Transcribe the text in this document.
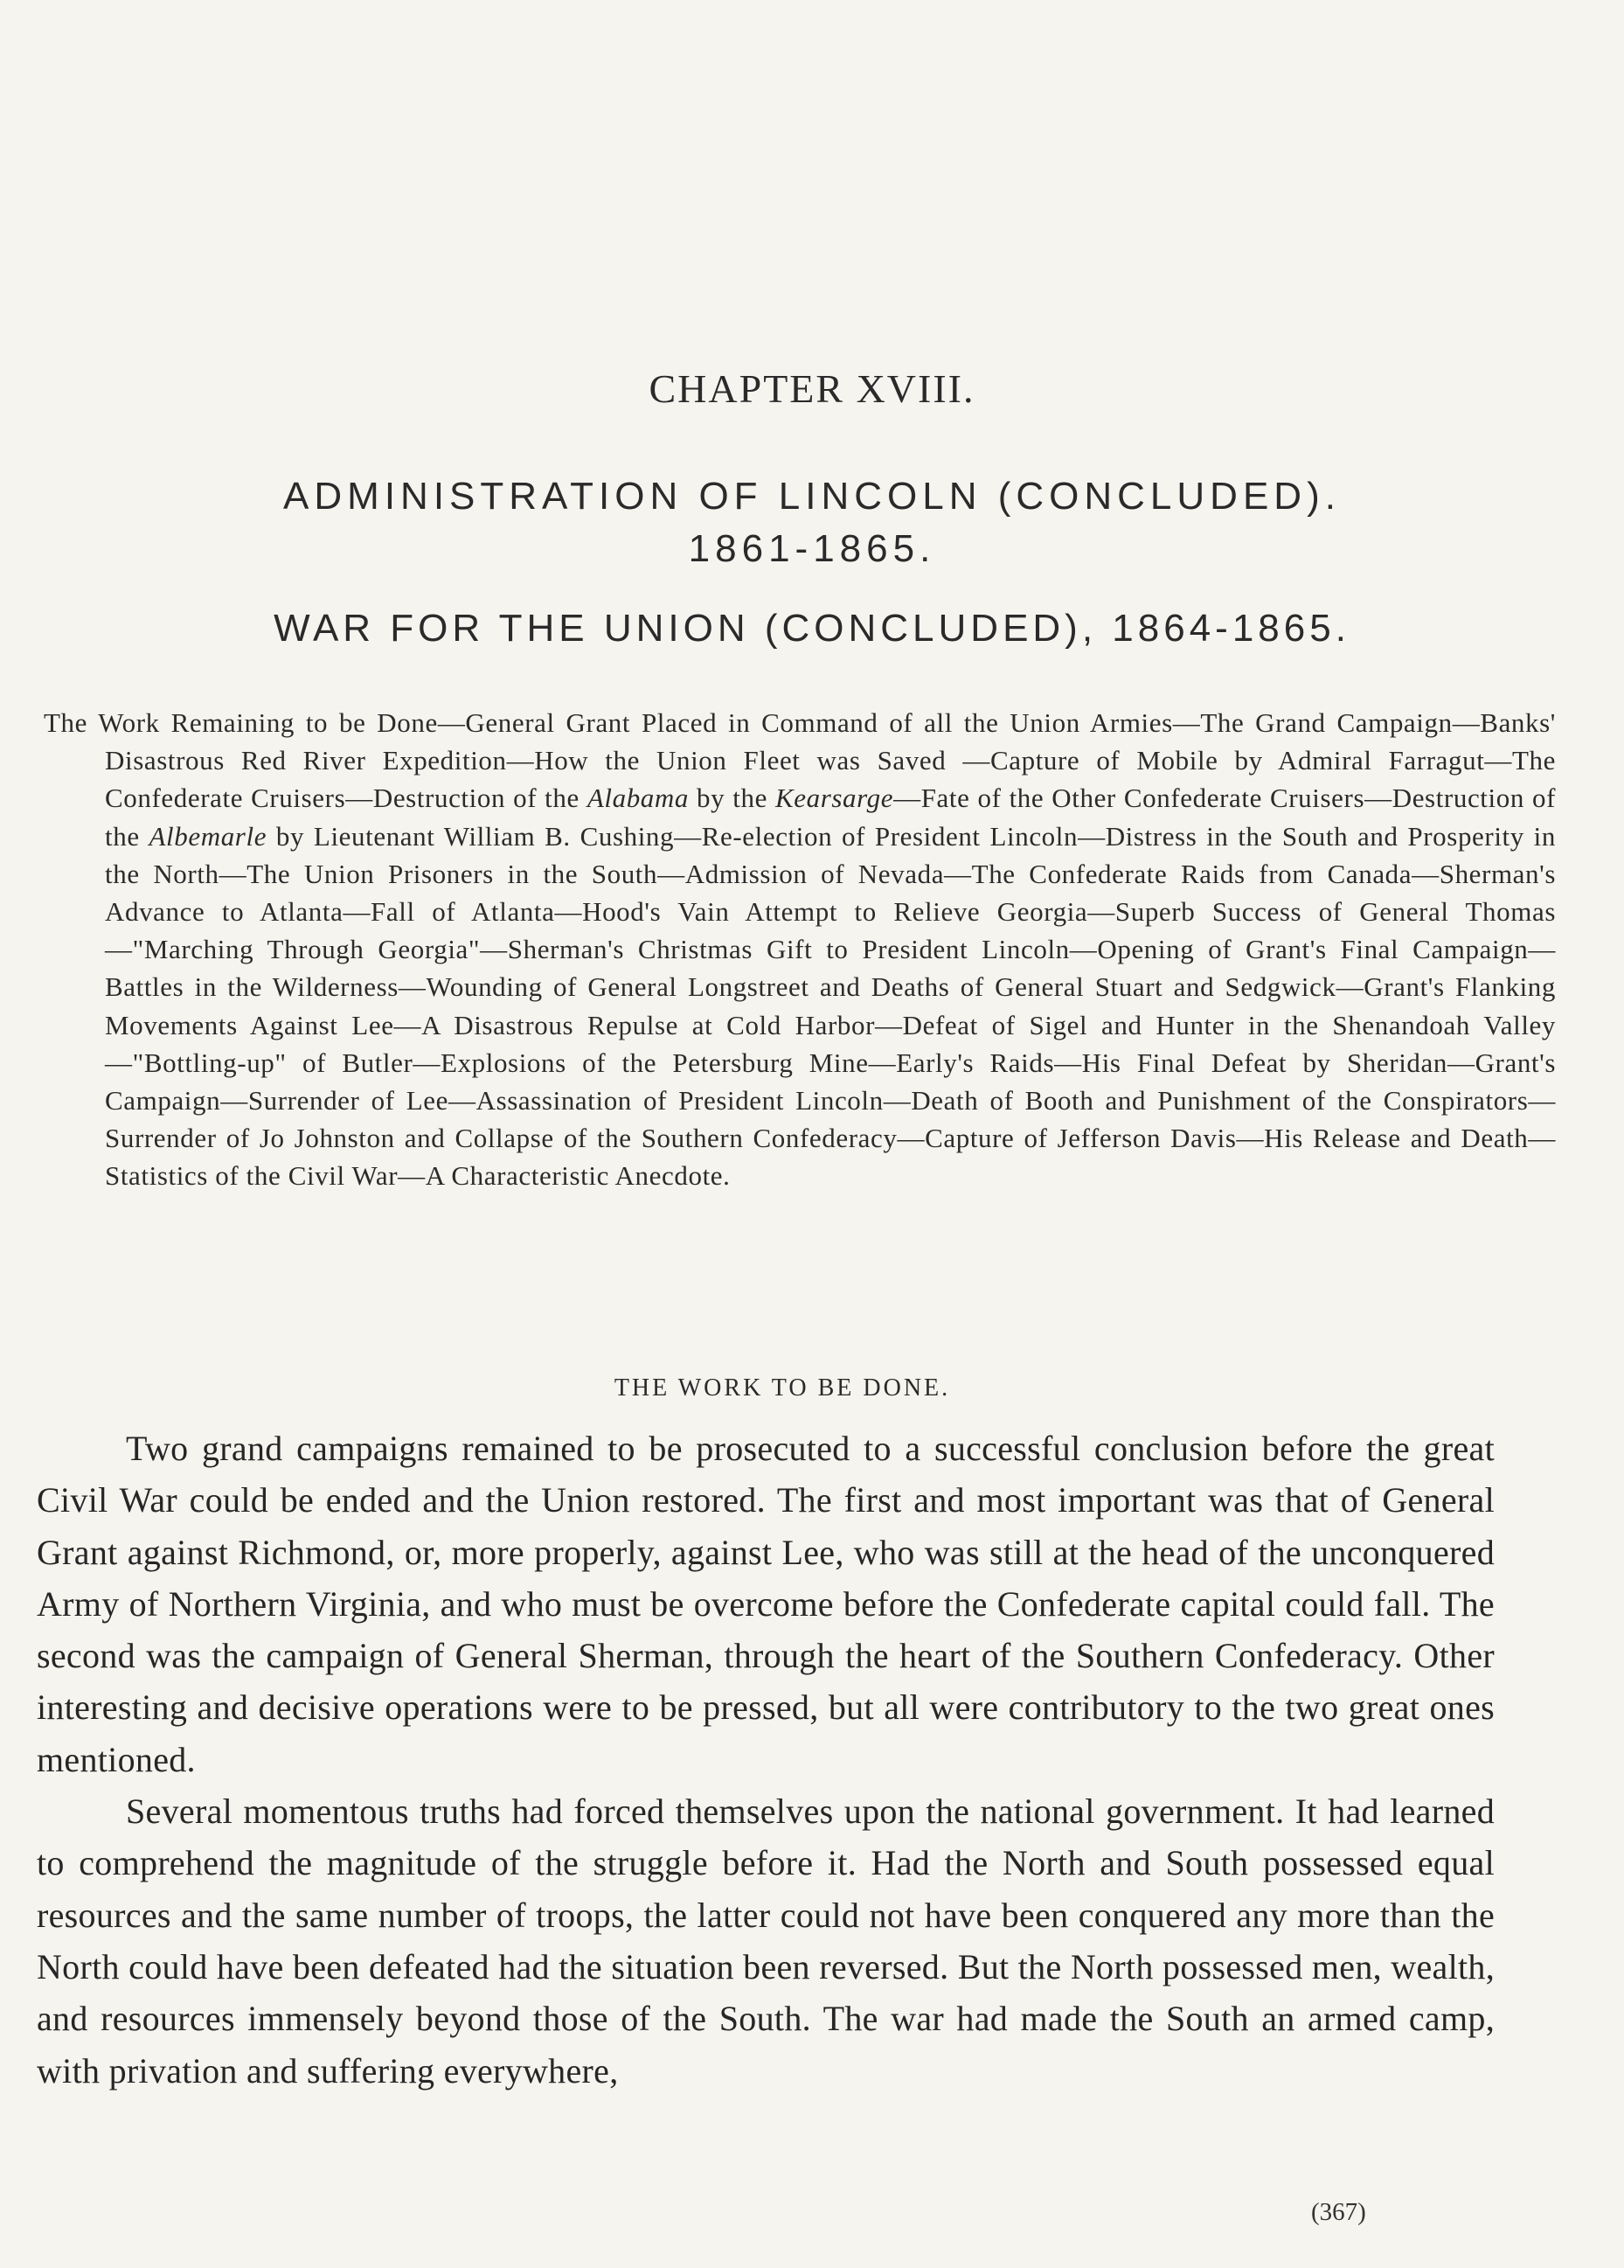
CHAPTER XVIII.
ADMINISTRATION OF LINCOLN (CONCLUDED).
1861-1865.
WAR FOR THE UNION (CONCLUDED), 1864-1865.

The Work Remaining to be Done—General Grant Placed in Command of all the Union Armies—The Grand Campaign—Banks' Disastrous Red River Expedition—How the Union Fleet was Saved —Capture of Mobile by Admiral Farragut—The Confederate Cruisers—Destruction of the Alabama by the Kearsarge—Fate of the Other Confederate Cruisers—Destruction of the Albemarle by Lieutenant William B. Cushing—Re-election of President Lincoln—Distress in the South and Prosperity in the North—The Union Prisoners in the South—Admission of Nevada—The Confederate Raids from Canada—Sherman's Advance to Atlanta—Fall of Atlanta—Hood's Vain Attempt to Relieve Georgia—Superb Success of General Thomas—"Marching Through Georgia"—Sherman's Christmas Gift to President Lincoln—Opening of Grant's Final Campaign—Battles in the Wilderness—Wounding of General Longstreet and Deaths of General Stuart and Sedgwick—Grant's Flanking Movements Against Lee—A Disastrous Repulse at Cold Harbor—Defeat of Sigel and Hunter in the Shenandoah Valley—"Bottling-up" of Butler—Explosions of the Petersburg Mine—Early's Raids—His Final Defeat by Sheridan—Grant's Campaign—Surrender of Lee—Assassination of President Lincoln—Death of Booth and Punishment of the Conspirators—Surrender of Jo Johnston and Collapse of the Southern Confederacy—Capture of Jefferson Davis—His Release and Death—Statistics of the Civil War—A Characteristic Anecdote.

THE WORK TO BE DONE.

Two grand campaigns remained to be prosecuted to a successful conclusion before the great Civil War could be ended and the Union restored. The first and most important was that of General Grant against Richmond, or, more properly, against Lee, who was still at the head of the unconquered Army of Northern Virginia, and who must be overcome before the Confederate capital could fall. The second was the campaign of General Sherman, through the heart of the Southern Confederacy. Other interesting and decisive operations were to be pressed, but all were contributory to the two great ones mentioned.

Several momentous truths had forced themselves upon the national government. It had learned to comprehend the magnitude of the struggle before it. Had the North and South possessed equal resources and the same number of troops, the latter could not have been conquered any more than the North could have been defeated had the situation been reversed. But the North possessed men, wealth, and resources immensely beyond those of the South. The war had made the South an armed camp, with privation and suffering everywhere,

(367)
